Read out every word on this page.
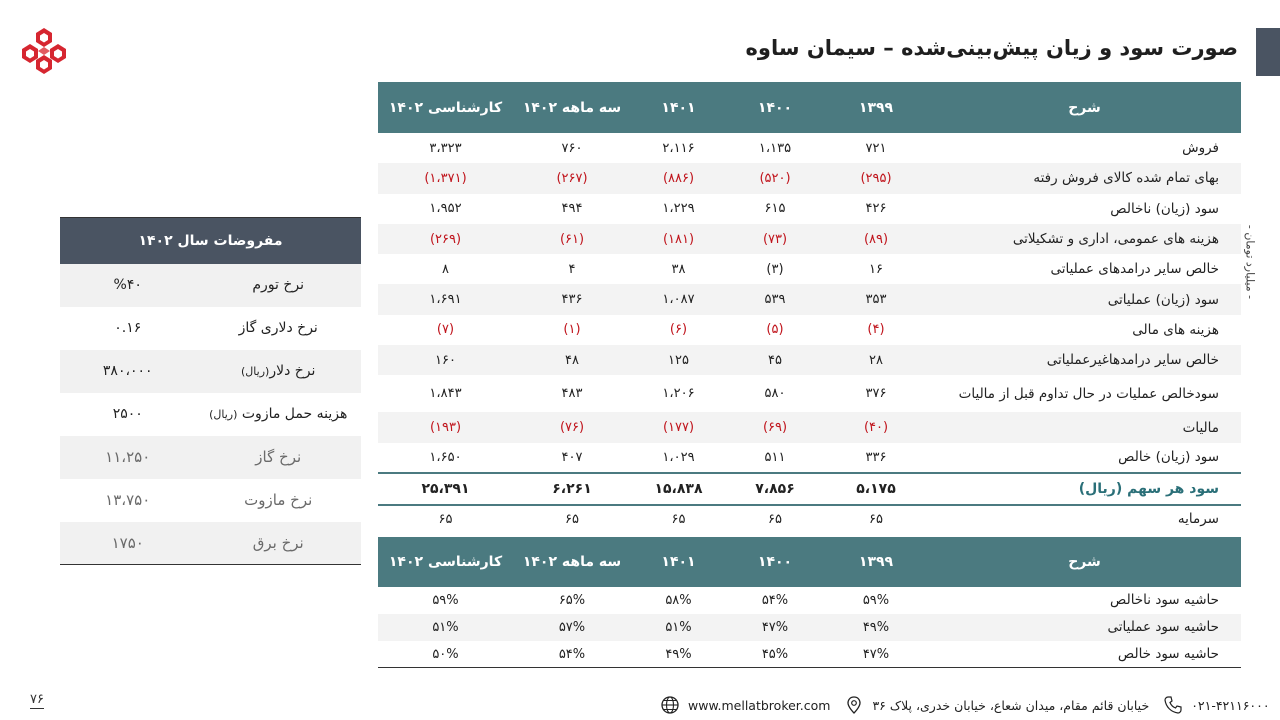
صورت سود و زیان پیش‌بینی‌شده – سیمان ساوه
- میلیارد تومان -
شرح	۱۳۹۹	۱۴۰۰	۱۴۰۱	سه ماهه ۱۴۰۲	کارشناسی ۱۴۰۲
فروش	۷۲۱	۱،۱۳۵	۲،۱۱۶	۷۶۰	۳،۳۲۳
بهای تمام شده کالای فروش رفته	(۲۹۵)	(۵۲۰)	(۸۸۶)	(۲۶۷)	(۱،۳۷۱)
سود (زیان) ناخالص	۴۲۶	۶۱۵	۱،۲۲۹	۴۹۴	۱،۹۵۲
هزینه های عمومی، اداری و تشکیلاتی	(۸۹)	(۷۳)	(۱۸۱)	(۶۱)	(۲۶۹)
خالص سایر درامدهای عملیاتی	۱۶	(۳)	۳۸	۴	۸
سود (زیان) عملیاتی	۳۵۳	۵۳۹	۱،۰۸۷	۴۳۶	۱،۶۹۱
هزینه های مالی	(۴)	(۵)	(۶)	(۱)	(۷)
خالص سایر درامدهاغیرعملیاتی	۲۸	۴۵	۱۲۵	۴۸	۱۶۰
سودخالص عملیات در حال تداوم قبل از مالیات	۳۷۶	۵۸۰	۱،۲۰۶	۴۸۳	۱،۸۴۳
مالیات	(۴۰)	(۶۹)	(۱۷۷)	(۷۶)	(۱۹۳)
سود (زیان) خالص	۳۳۶	۵۱۱	۱،۰۲۹	۴۰۷	۱،۶۵۰
سود هر سهم (ریال)	۵،۱۷۵	۷،۸۵۶	۱۵،۸۳۸	۶،۲۶۱	۲۵،۳۹۱
سرمایه	۶۵	۶۵	۶۵	۶۵	۶۵
شرح	۱۳۹۹	۱۴۰۰	۱۴۰۱	سه ماهه ۱۴۰۲	کارشناسی ۱۴۰۲
حاشیه سود ناخالص	۵۹%	۵۴%	۵۸%	۶۵%	۵۹%
حاشیه سود عملیاتی	۴۹%	۴۷%	۵۱%	۵۷%	۵۱%
حاشیه سود خالص	۴۷%	۴۵%	۴۹%	۵۴%	۵۰%
مفروضات سال ۱۴۰۲	
نرخ تورم	%۴۰
نرخ دلاری گاز	۰.۱۶
نرخ دلار(ریال)	۳۸۰،۰۰۰
هزینه حمل مازوت (ریال)	۲۵۰۰
نرخ گاز	۱۱،۲۵۰
نرخ مازوت	۱۳،۷۵۰
نرخ برق	۱۷۵۰
۷۶	www.mellatbroker.com	خیابان قائم مقام، میدان شعاع، خیابان خدری، پلاک ۳۶	۰۲۱-۴۲۱۱۶۰۰۰
